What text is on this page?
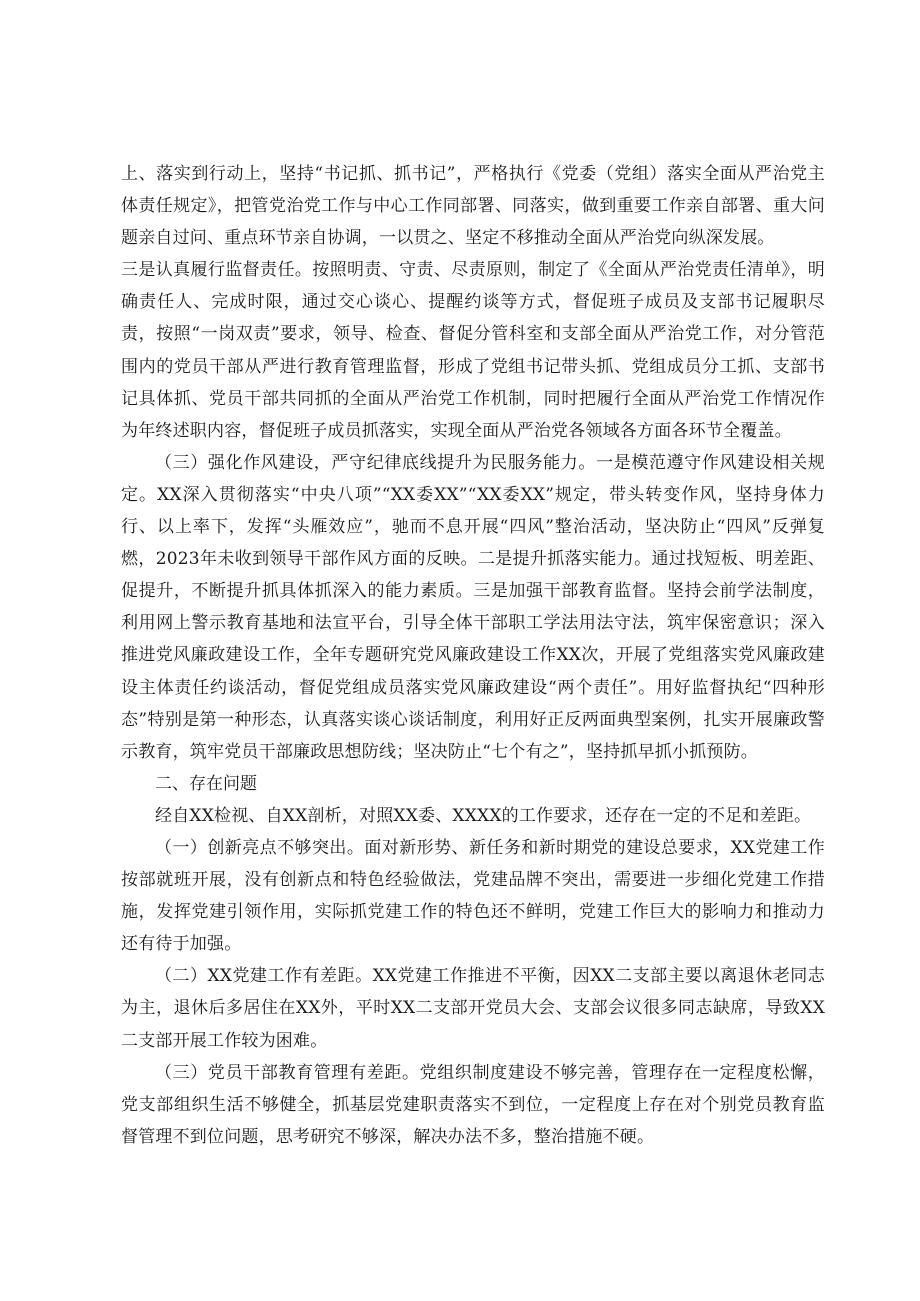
上、落实到行动上，坚持“书记抓、抓书记”，严格执行《党委（党组）落实全面从严治党主体责任规定》，把管党治党工作与中心工作同部署、同落实，做到重要工作亲自部署、重大问题亲自过问、重点环节亲自协调，一以贯之、坚定不移推动全面从严治党向纵深发展。

三是认真履行监督责任。按照明责、守责、尽责原则，制定了《全面从严治党责任清单》，明确责任人、完成时限，通过交心谈心、提醒约谈等方式，督促班子成员及支部书记履职尽责，按照“一岗双责”要求，领导、检查、督促分管科室和支部全面从严治党工作，对分管范围内的党员干部从严进行教育管理监督，形成了党组书记带头抓、党组成员分工抓、支部书记具体抓、党员干部共同抓的全面从严治党工作机制，同时把履行全面从严治党工作情况作为年终述职内容，督促班子成员抓落实，实现全面从严治党各领域各方面各环节全覆盖。

（三）强化作风建设，严守纪律底线提升为民服务能力。一是模范遵守作风建设相关规定。XX深入贯彻落实“中央八项”“XX委XX”“XX委XX”规定，带头转变作风，坚持身体力行、以上率下，发挥“头雁效应”，驰而不息开展“四风”整治活动，坚决防止“四风”反弹复燃，2023年未收到领导干部作风方面的反映。二是提升抓落实能力。通过找短板、明差距、促提升，不断提升抓具体抓深入的能力素质。三是加强干部教育监督。坚持会前学法制度，利用网上警示教育基地和法宣平台，引导全体干部职工学法用法守法，筑牢保密意识；深入推进党风廉政建设工作，全年专题研究党风廉政建设工作XX次，开展了党组落实党风廉政建设主体责任约谈活动，督促党组成员落实党风廉政建设“两个责任”。用好监督执纪“四种形态”特别是第一种形态，认真落实谈心谈话制度，利用好正反两面典型案例，扎实开展廉政警示教育，筑牢党员干部廉政思想防线；坚决防止“七个有之”，坚持抓早抓小抓预防。

二、存在问题

经自XX检视、自XX剖析，对照XX委、XXXX的工作要求，还存在一定的不足和差距。

（一）创新亮点不够突出。面对新形势、新任务和新时期党的建设总要求，XX党建工作按部就班开展，没有创新点和特色经验做法，党建品牌不突出，需要进一步细化党建工作措施，发挥党建引领作用，实际抓党建工作的特色还不鲜明，党建工作巨大的影响力和推动力还有待于加强。

（二）XX党建工作有差距。XX党建工作推进不平衡，因XX二支部主要以离退休老同志为主，退休后多居住在XX外，平时XX二支部开党员大会、支部会议很多同志缺席，导致XX二支部开展工作较为困难。

（三）党员干部教育管理有差距。党组织制度建设不够完善，管理存在一定程度松懈，党支部组织生活不够健全，抓基层党建职责落实不到位，一定程度上存在对个别党员教育监督管理不到位问题，思考研究不够深，解决办法不多，整治措施不硬。
